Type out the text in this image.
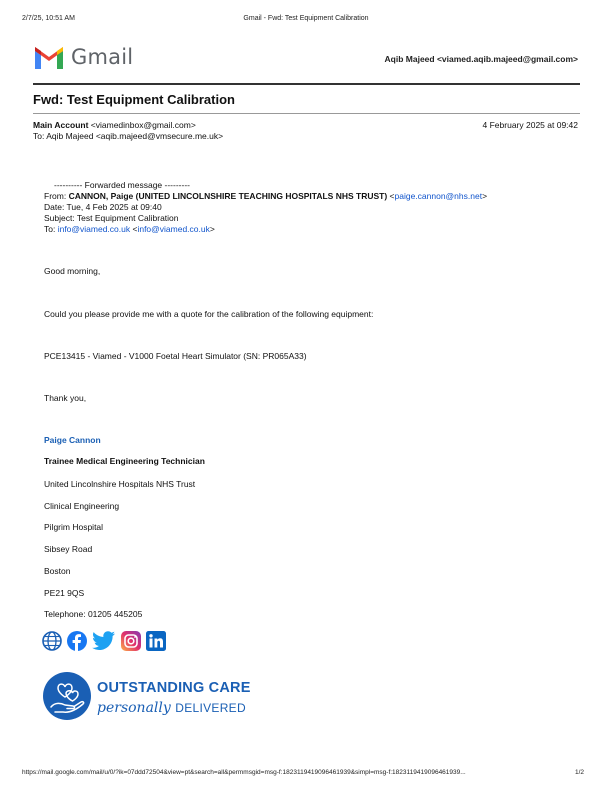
2/7/25, 10:51 AM	Gmail - Fwd: Test Equipment Calibration
Gmail	Aqib Majeed <viamed.aqib.majeed@gmail.com>
Fwd: Test Equipment Calibration
Main Account <viamedinbox@gmail.com>	4 February 2025 at 09:42
To: Aqib Majeed <aqib.majeed@vmsecure.me.uk>
---------- Forwarded message ---------
From: CANNON, Paige (UNITED LINCOLNSHIRE TEACHING HOSPITALS NHS TRUST) <paige.cannon@nhs.net>
Date: Tue, 4 Feb 2025 at 09:40
Subject: Test Equipment Calibration
To: info@viamed.co.uk <info@viamed.co.uk>
Good morning,
Could you please provide me with a quote for the calibration of the following equipment:
PCE13415 - Viamed - V1000 Foetal Heart Simulator (SN: PR065A33)
Thank you,
Paige Cannon
Trainee Medical Engineering Technician
United Lincolnshire Hospitals NHS Trust
Clinical Engineering
Pilgrim Hospital
Sibsey Road
Boston
PE21 9QS
Telephone: 01205 445205
OUTSTANDING CARE
personally DELIVERED
https://mail.google.com/mail/u/0/?ik=07ddd72504&view=pt&search=all&permmsgid=msg-f:1823119419096461939&simpl=msg-f:1823119419096461939...	1/2
